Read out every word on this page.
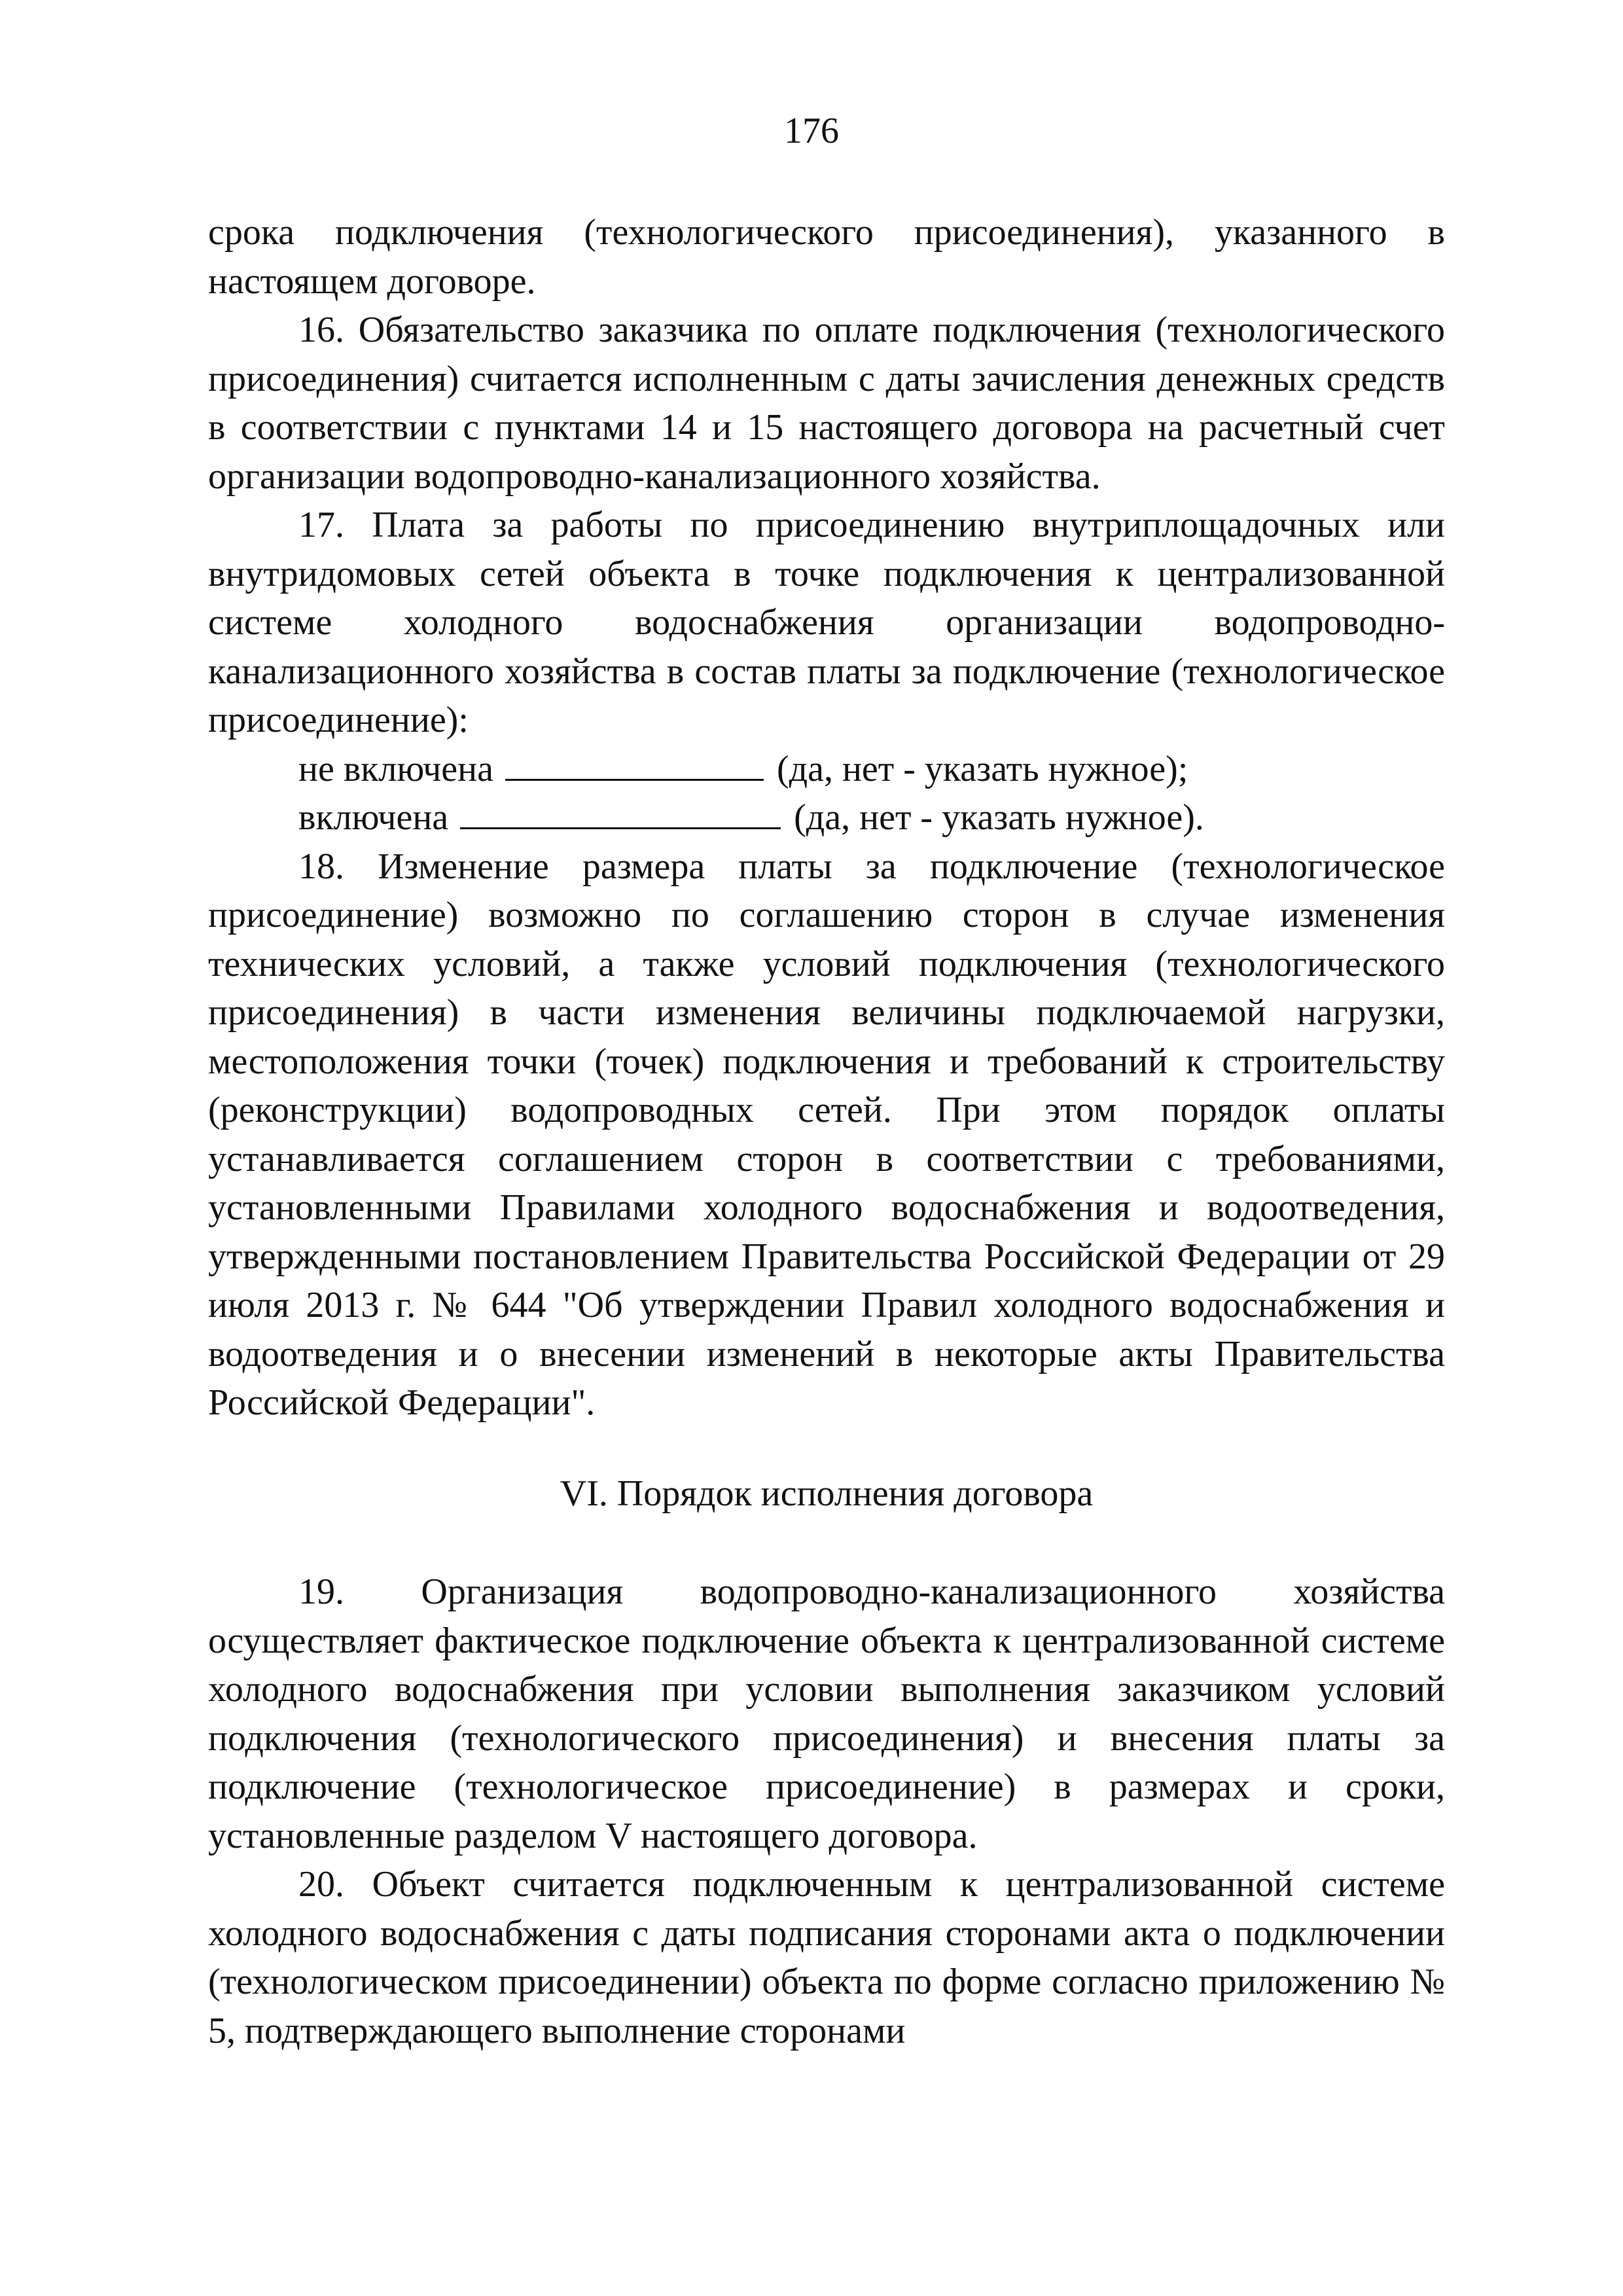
176

срока подключения (технологического присоединения), указанного в настоящем договоре.

16. Обязательство заказчика по оплате подключения (технологического присоединения) считается исполненным с даты зачисления денежных средств в соответствии с пунктами 14 и 15 настоящего договора на расчетный счет организации водопроводно-канализационного хозяйства.

17. Плата за работы по присоединению внутриплощадочных или внутридомовых сетей объекта в точке подключения к централизованной системе холодного водоснабжения организации водопроводно-канализационного хозяйства в состав платы за подключение (технологическое присоединение):

не включена	(да, нет - указать нужное);

включена	(да, нет - указать нужное).

18. Изменение размера платы за подключение (технологическое присоединение) возможно по соглашению сторон в случае изменения технических условий, а также условий подключения (технологического присоединения) в части изменения величины подключаемой нагрузки, местоположения точки (точек) подключения и требований к строительству (реконструкции) водопроводных сетей. При этом порядок оплаты устанавливается соглашением сторон в соответствии с требованиями, установленными Правилами холодного водоснабжения и водоотведения, утвержденными постановлением Правительства Российской Федерации от 29 июля 2013 г. № 644 "Об утверждении Правил холодного водоснабжения и водоотведения и о внесении изменений в некоторые акты Правительства Российской Федерации".

VI. Порядок исполнения договора

19. Организация водопроводно-канализационного хозяйства осуществляет фактическое подключение объекта к централизованной системе холодного водоснабжения при условии выполнения заказчиком условий подключения (технологического присоединения) и внесения платы за подключение (технологическое присоединение) в размерах и сроки, установленные разделом V настоящего договора.

20. Объект считается подключенным к централизованной системе холодного водоснабжения с даты подписания сторонами акта о подключении (технологическом присоединении) объекта по форме согласно приложению № 5, подтверждающего выполнение сторонами
